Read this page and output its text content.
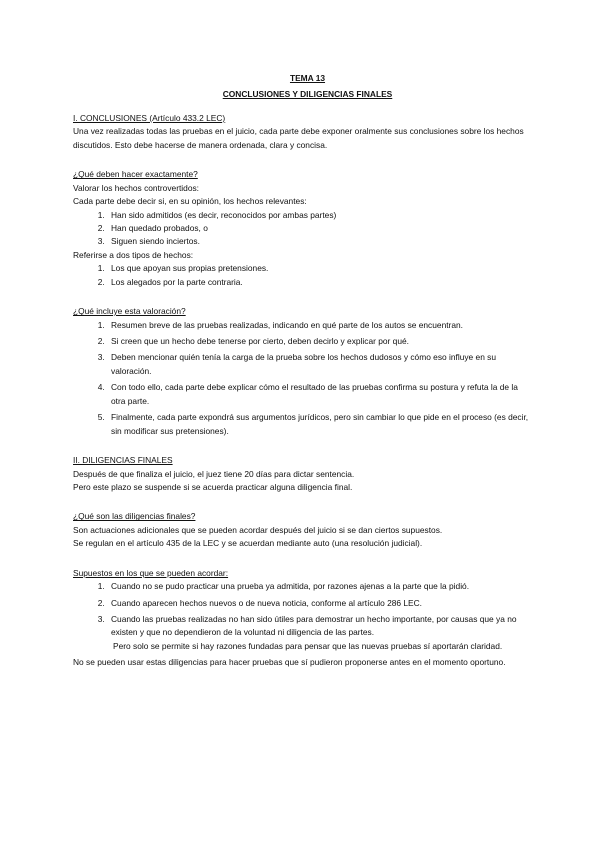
TEMA 13
CONCLUSIONES Y DILIGENCIAS FINALES
I. CONCLUSIONES (Artículo 433.2 LEC)

Una vez realizadas todas las pruebas en el juicio, cada parte debe exponer oralmente sus conclusiones sobre los hechos discutidos. Esto debe hacerse de manera ordenada, clara y concisa.

¿Qué deben hacer exactamente?

Valorar los hechos controvertidos:

Cada parte debe decir si, en su opinión, los hechos relevantes:

1. Han sido admitidos (es decir, reconocidos por ambas partes)
2. Han quedado probados, o
3. Siguen siendo inciertos.

Referirse a dos tipos de hechos:

1. Los que apoyan sus propias pretensiones.
2. Los alegados por la parte contraria.
¿Qué incluye esta valoración?
1. Resumen breve de las pruebas realizadas, indicando en qué parte de los autos se encuentran.
2. Si creen que un hecho debe tenerse por cierto, deben decirlo y explicar por qué.
3. Deben mencionar quién tenía la carga de la prueba sobre los hechos dudosos y cómo eso influye en su valoración.
4. Con todo ello, cada parte debe explicar cómo el resultado de las pruebas confirma su postura y refuta la de la otra parte.
5. Finalmente, cada parte expondrá sus argumentos jurídicos, pero sin cambiar lo que pide en el proceso (es decir, sin modificar sus pretensiones).
II. DILIGENCIAS FINALES

Después de que finaliza el juicio, el juez tiene 20 días para dictar sentencia.

Pero este plazo se suspende si se acuerda practicar alguna diligencia final.

¿Qué son las diligencias finales?

Son actuaciones adicionales que se pueden acordar después del juicio si se dan ciertos supuestos.

Se regulan en el artículo 435 de la LEC y se acuerdan mediante auto (una resolución judicial).

Supuestos en los que se pueden acordar:
1. Cuando no se pudo practicar una prueba ya admitida, por razones ajenas a la parte que la pidió.
2. Cuando aparecen hechos nuevos o de nueva noticia, conforme al artículo 286 LEC.
3. Cuando las pruebas realizadas no han sido útiles para demostrar un hecho importante, por causas que ya no existen y que no dependieron de la voluntad ni diligencia de las partes.
Pero solo se permite si hay razones fundadas para pensar que las nuevas pruebas sí aportarán claridad.

No se pueden usar estas diligencias para hacer pruebas que sí pudieron proponerse antes en el momento oportuno.
